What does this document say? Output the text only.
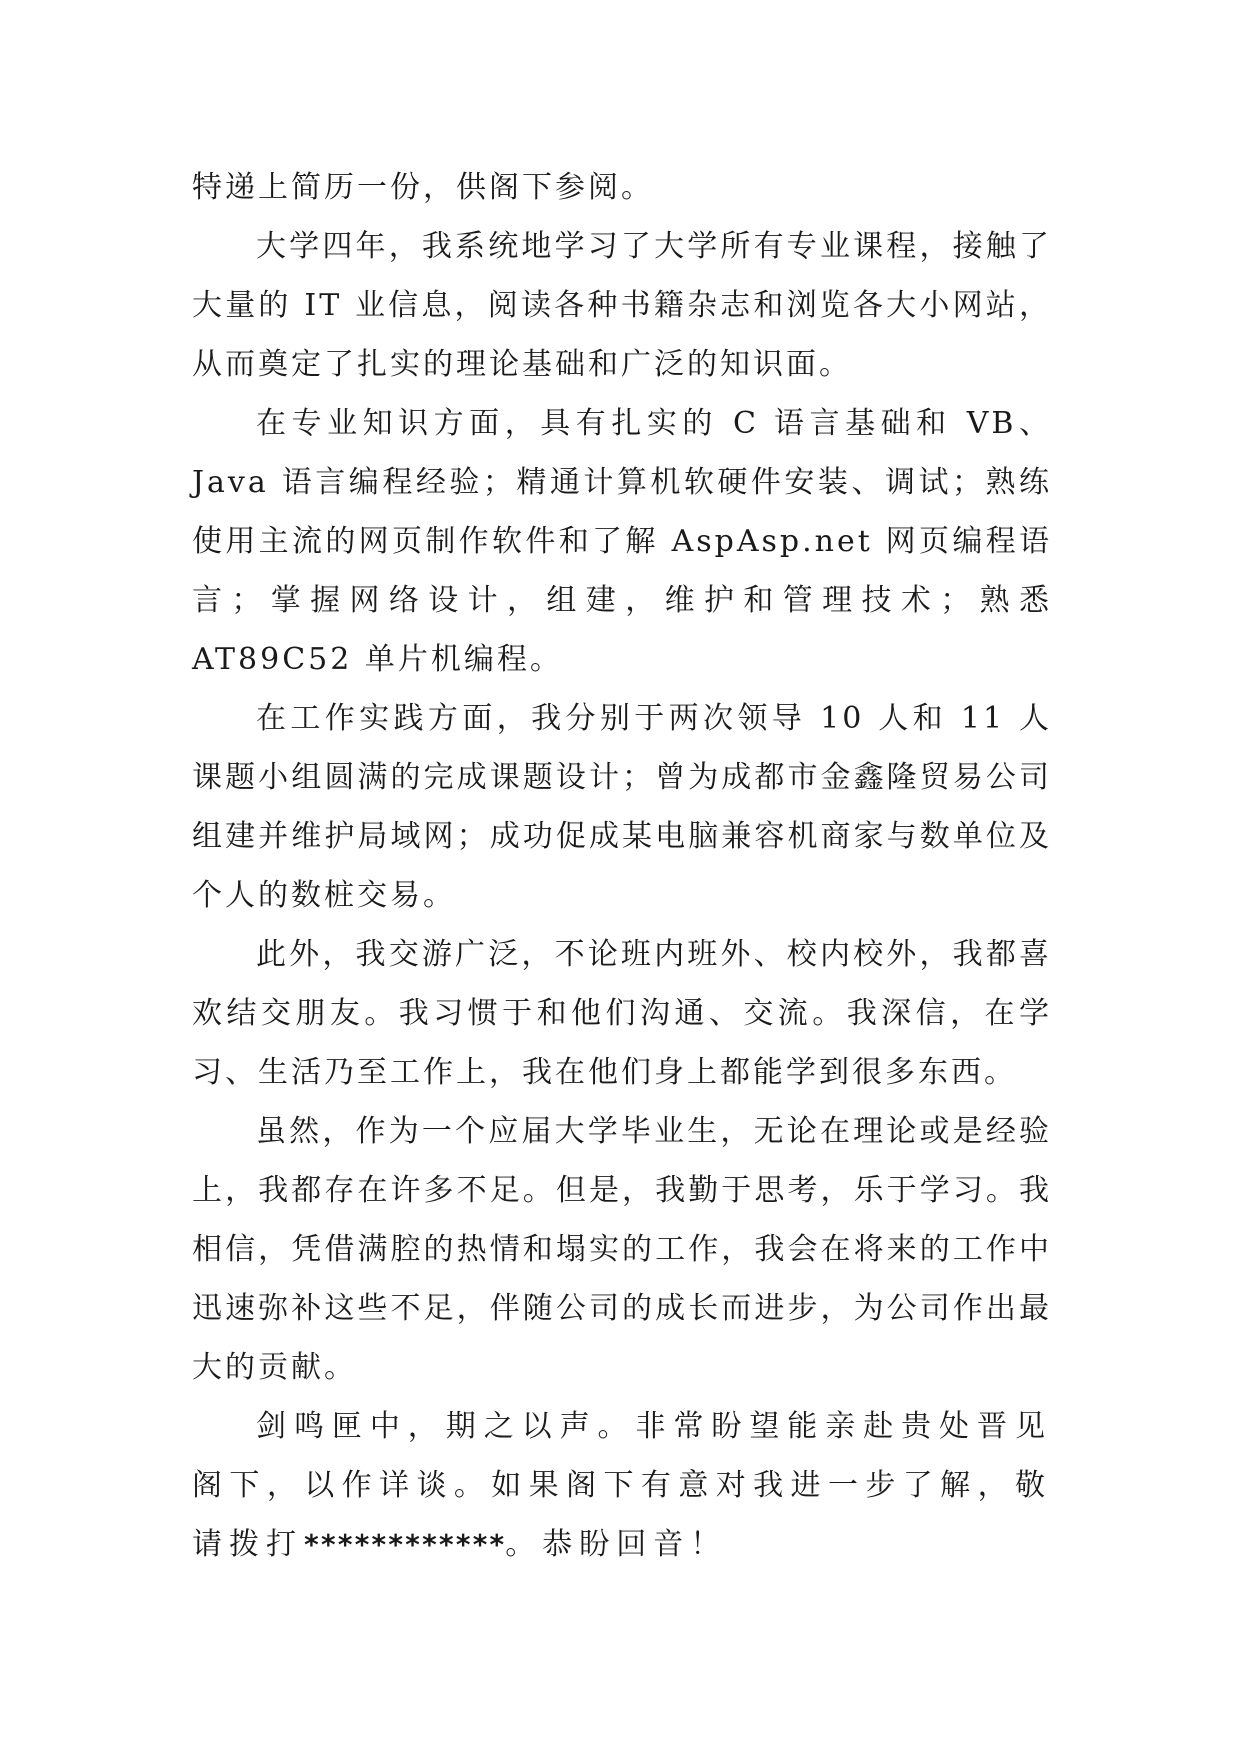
特递上简历一份，供阁下参阅。

大学四年，我系统地学习了大学所有专业课程，接触了大量的 IT 业信息，阅读各种书籍杂志和浏览各大小网站，从而奠定了扎实的理论基础和广泛的知识面。

在专业知识方面，具有扎实的 C 语言基础和 VB、Java 语言编程经验；精通计算机软硬件安装、调试；熟练使用主流的网页制作软件和了解 AspAsp.net 网页编程语言；掌握网络设计，组建，维护和管理技术；熟悉 AT89C52 单片机编程。

在工作实践方面，我分别于两次领导 10 人和 11 人课题小组圆满的完成课题设计；曾为成都市金鑫隆贸易公司组建并维护局域网；成功促成某电脑兼容机商家与数单位及个人的数桩交易。

此外，我交游广泛，不论班内班外、校内校外，我都喜欢结交朋友。我习惯于和他们沟通、交流。我深信，在学习、生活乃至工作上，我在他们身上都能学到很多东西。

虽然，作为一个应届大学毕业生，无论在理论或是经验上，我都存在许多不足。但是，我勤于思考，乐于学习。我相信，凭借满腔的热情和塌实的工作，我会在将来的工作中迅速弥补这些不足，伴随公司的成长而进步，为公司作出最大的贡献。

剑鸣匣中，期之以声。非常盼望能亲赴贵处晋见阁下，以作详谈。如果阁下有意对我进一步了解，敬请拨打************。恭盼回音！
